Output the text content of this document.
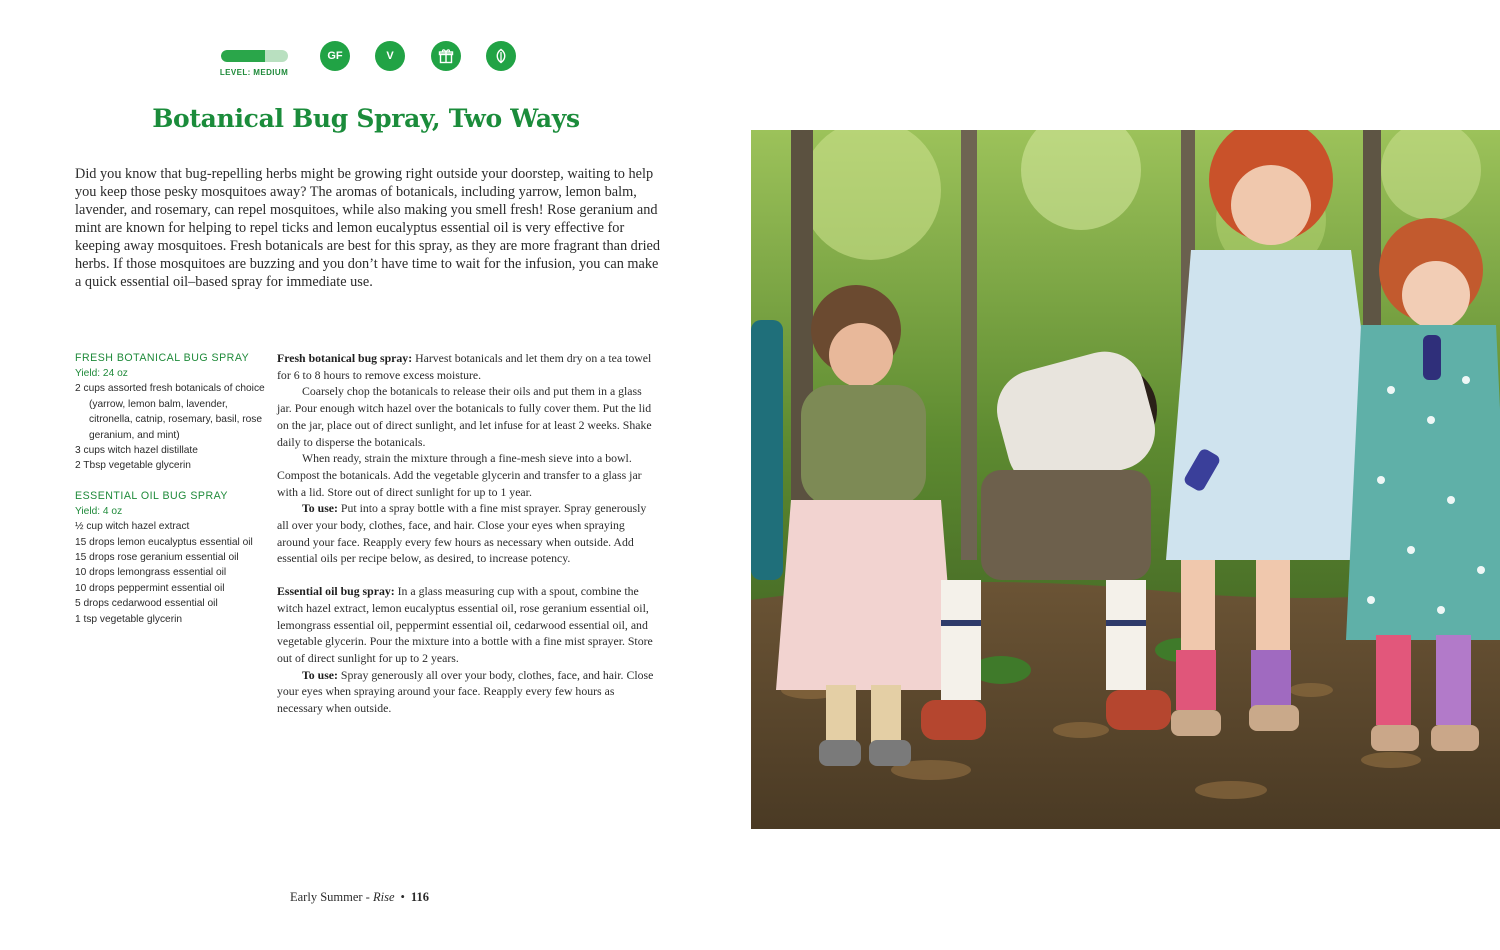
LEVEL: MEDIUM
GF	V
Botanical Bug Spray, Two Ways

Did you know that bug-repelling herbs might be growing right outside your doorstep, waiting to help you keep those pesky mosquitoes away? The aromas of botanicals, including yarrow, lemon balm, lavender, and rosemary, can repel mosquitoes, while also making you smell fresh! Rose geranium and mint are known for helping to repel ticks and lemon eucalyptus essential oil is very effective for keeping away mosquitoes. Fresh botanicals are best for this spray, as they are more fragrant than dried herbs. If those mosquitoes are buzzing and you don’t have time to wait for the infusion, you can make a quick essential oil–based spray for immediate use.

FRESH BOTANICAL BUG SPRAY
Yield: 24 oz
2 cups assorted fresh botanicals of choice (yarrow, lemon balm, lavender, citronella, catnip, rosemary, basil, rose geranium, and mint)
3 cups witch hazel distillate
2 Tbsp vegetable glycerin
ESSENTIAL OIL BUG SPRAY
Yield: 4 oz
½ cup witch hazel extract
15 drops lemon eucalyptus essential oil
15 drops rose geranium essential oil
10 drops lemongrass essential oil
10 drops peppermint essential oil
5 drops cedarwood essential oil
1 tsp vegetable glycerin

Fresh botanical bug spray: Harvest botanicals and let them dry on a tea towel for 6 to 8 hours to remove excess moisture.

Coarsely chop the botanicals to release their oils and put them in a glass jar. Pour enough witch hazel over the botanicals to fully cover them. Put the lid on the jar, place out of direct sunlight, and let infuse for at least 2 weeks. Shake daily to disperse the botanicals.

When ready, strain the mixture through a fine-mesh sieve into a bowl. Compost the botanicals. Add the vegetable glycerin and transfer to a glass jar with a lid. Store out of direct sunlight for up to 1 year.

To use: Put into a spray bottle with a fine mist sprayer. Spray generously all over your body, clothes, face, and hair. Close your eyes when spraying around your face. Reapply every few hours as necessary when outside. Add essential oils per recipe below, as desired, to increase potency.

Essential oil bug spray: In a glass measuring cup with a spout, combine the witch hazel extract, lemon eucalyptus essential oil, rose geranium essential oil, lemongrass essential oil, peppermint essential oil, cedarwood essential oil, and vegetable glycerin. Pour the mixture into a bottle with a fine mist sprayer. Store out of direct sunlight for up to 2 years.

To use: Spray generously all over your body, clothes, face, and hair. Close your eyes when spraying around your face. Reapply every few hours as necessary when outside.

Early Summer - Rise • 116
